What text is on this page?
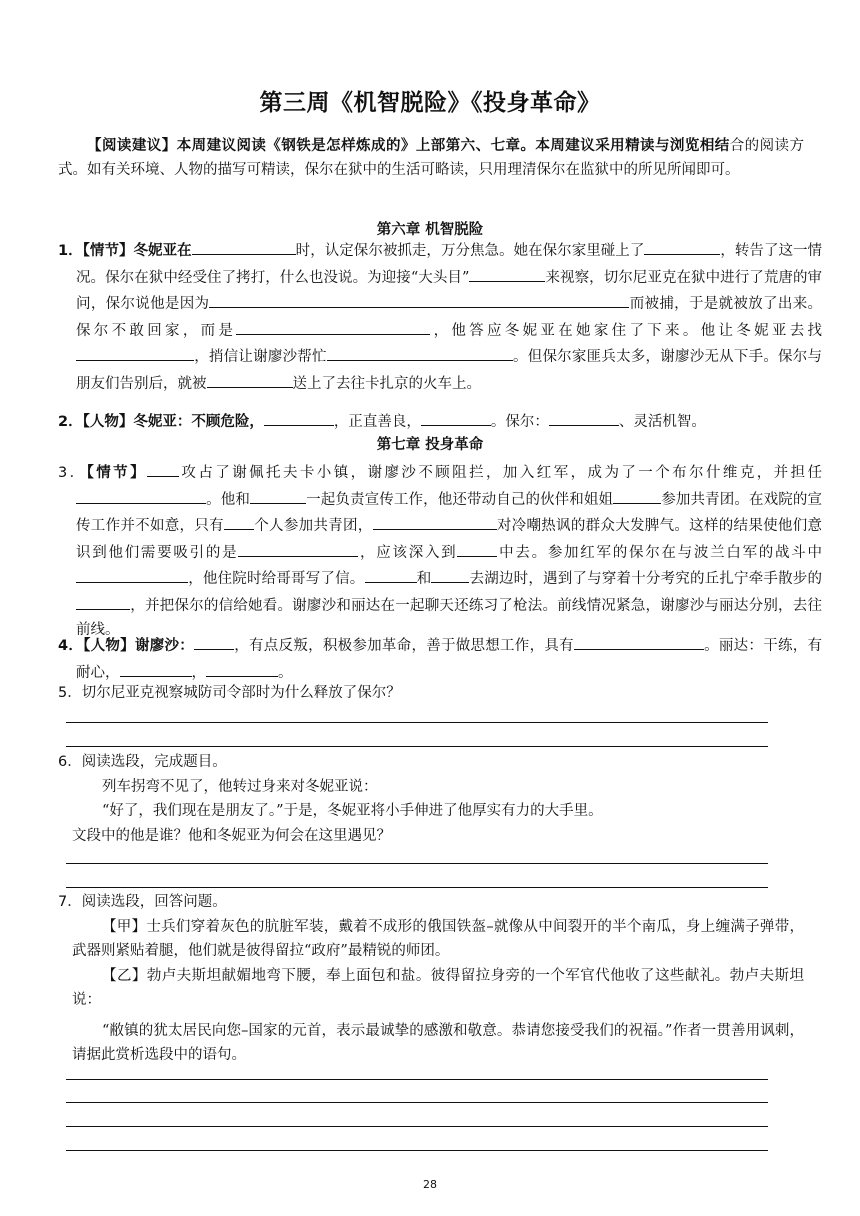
第三周《机智脱险》《投身革命》
【阅读建议】本周建议阅读《钢铁是怎样炼成的》上部第六、七章。本周建议采用精读与浏览相结合的阅读方式。如有关环境、人物的描写可精读，保尔在狱中的生活可略读，只用理清保尔在监狱中的所见所闻即可。
第六章 机智脱险
1．【情节】冬妮亚在	时，认定保尔被抓走，万分焦急。她在保尔家里碰上了	，转告了这一情况。保尔在狱中经受住了拷打，什么也没说。为迎接“大头目”	来视察，切尔尼亚克在狱中进行了荒唐的审问，保尔说他是因为	而被捕，于是就被放了出来。保尔不敢回家，而是	，他答应冬妮亚在她家住了下来。他让冬妮亚去找，捎信让谢廖沙帮忙	。但保尔家匪兵太多，谢廖沙无从下手。保尔与朋友们告别后，就被	送上了去往卡扎京的火车上。
2．【人物】冬妮亚：不顾危险，	，正直善良，	。保尔：	、灵活机智。
第七章 投身革命
3．【情节】 攻占了谢佩托夫卡小镇，谢廖沙不顾阻拦，加入红军，成为了一个布尔什维克，并担任。他和	一起负责宣传工作，他还带动自己的伙伴和姐姐	参加共青团。在戏院的宣传工作并不如意，只有 个人参加共青团，	对冷嘲热讽的群众大发脾气。这样的结果使他们意识到他们需要吸引的是	，应该深入到	中去。参加红军的保尔在与波兰白军的战斗中，他住院时给哥哥写了信。	和	去湖边时，遇到了与穿着十分考究的丘扎宁牵手散步的，并把保尔的信给她看。谢廖沙和丽达在一起聊天还练习了枪法。前线情况紧急，谢廖沙与丽达分别，去往前线。
4．【人物】谢廖沙：	，有点反叛，积极参加革命，善于做思想工作，具有	。丽达：干练，有耐心，	，	。
5．切尔尼亚克视察城防司令部时为什么释放了保尔？
6．阅读选段，完成题目。
列车拐弯不见了，他转过身来对冬妮亚说：
“好了，我们现在是朋友了。”于是，冬妮亚将小手伸进了他厚实有力的大手里。
文段中的他是谁？他和冬妮亚为何会在这里遇见？
7．阅读选段，回答问题。
【甲】士兵们穿着灰色的肮脏军装，戴着不成形的俄国铁盔–就像从中间裂开的半个南瓜，身上缠满子弹带，武器则紧贴着腿，他们就是彼得留拉“政府”最精锐的师团。
【乙】勃卢夫斯坦献媚地弯下腰，奉上面包和盐。彼得留拉身旁的一个军官代他收了这些献礼。勃卢夫斯坦说：
“敝镇的犹太居民向您–国家的元首，表示最诚挚的感激和敬意。恭请您接受我们的祝福。”作者一贯善用讽刺，请据此赏析选段中的语句。
28
